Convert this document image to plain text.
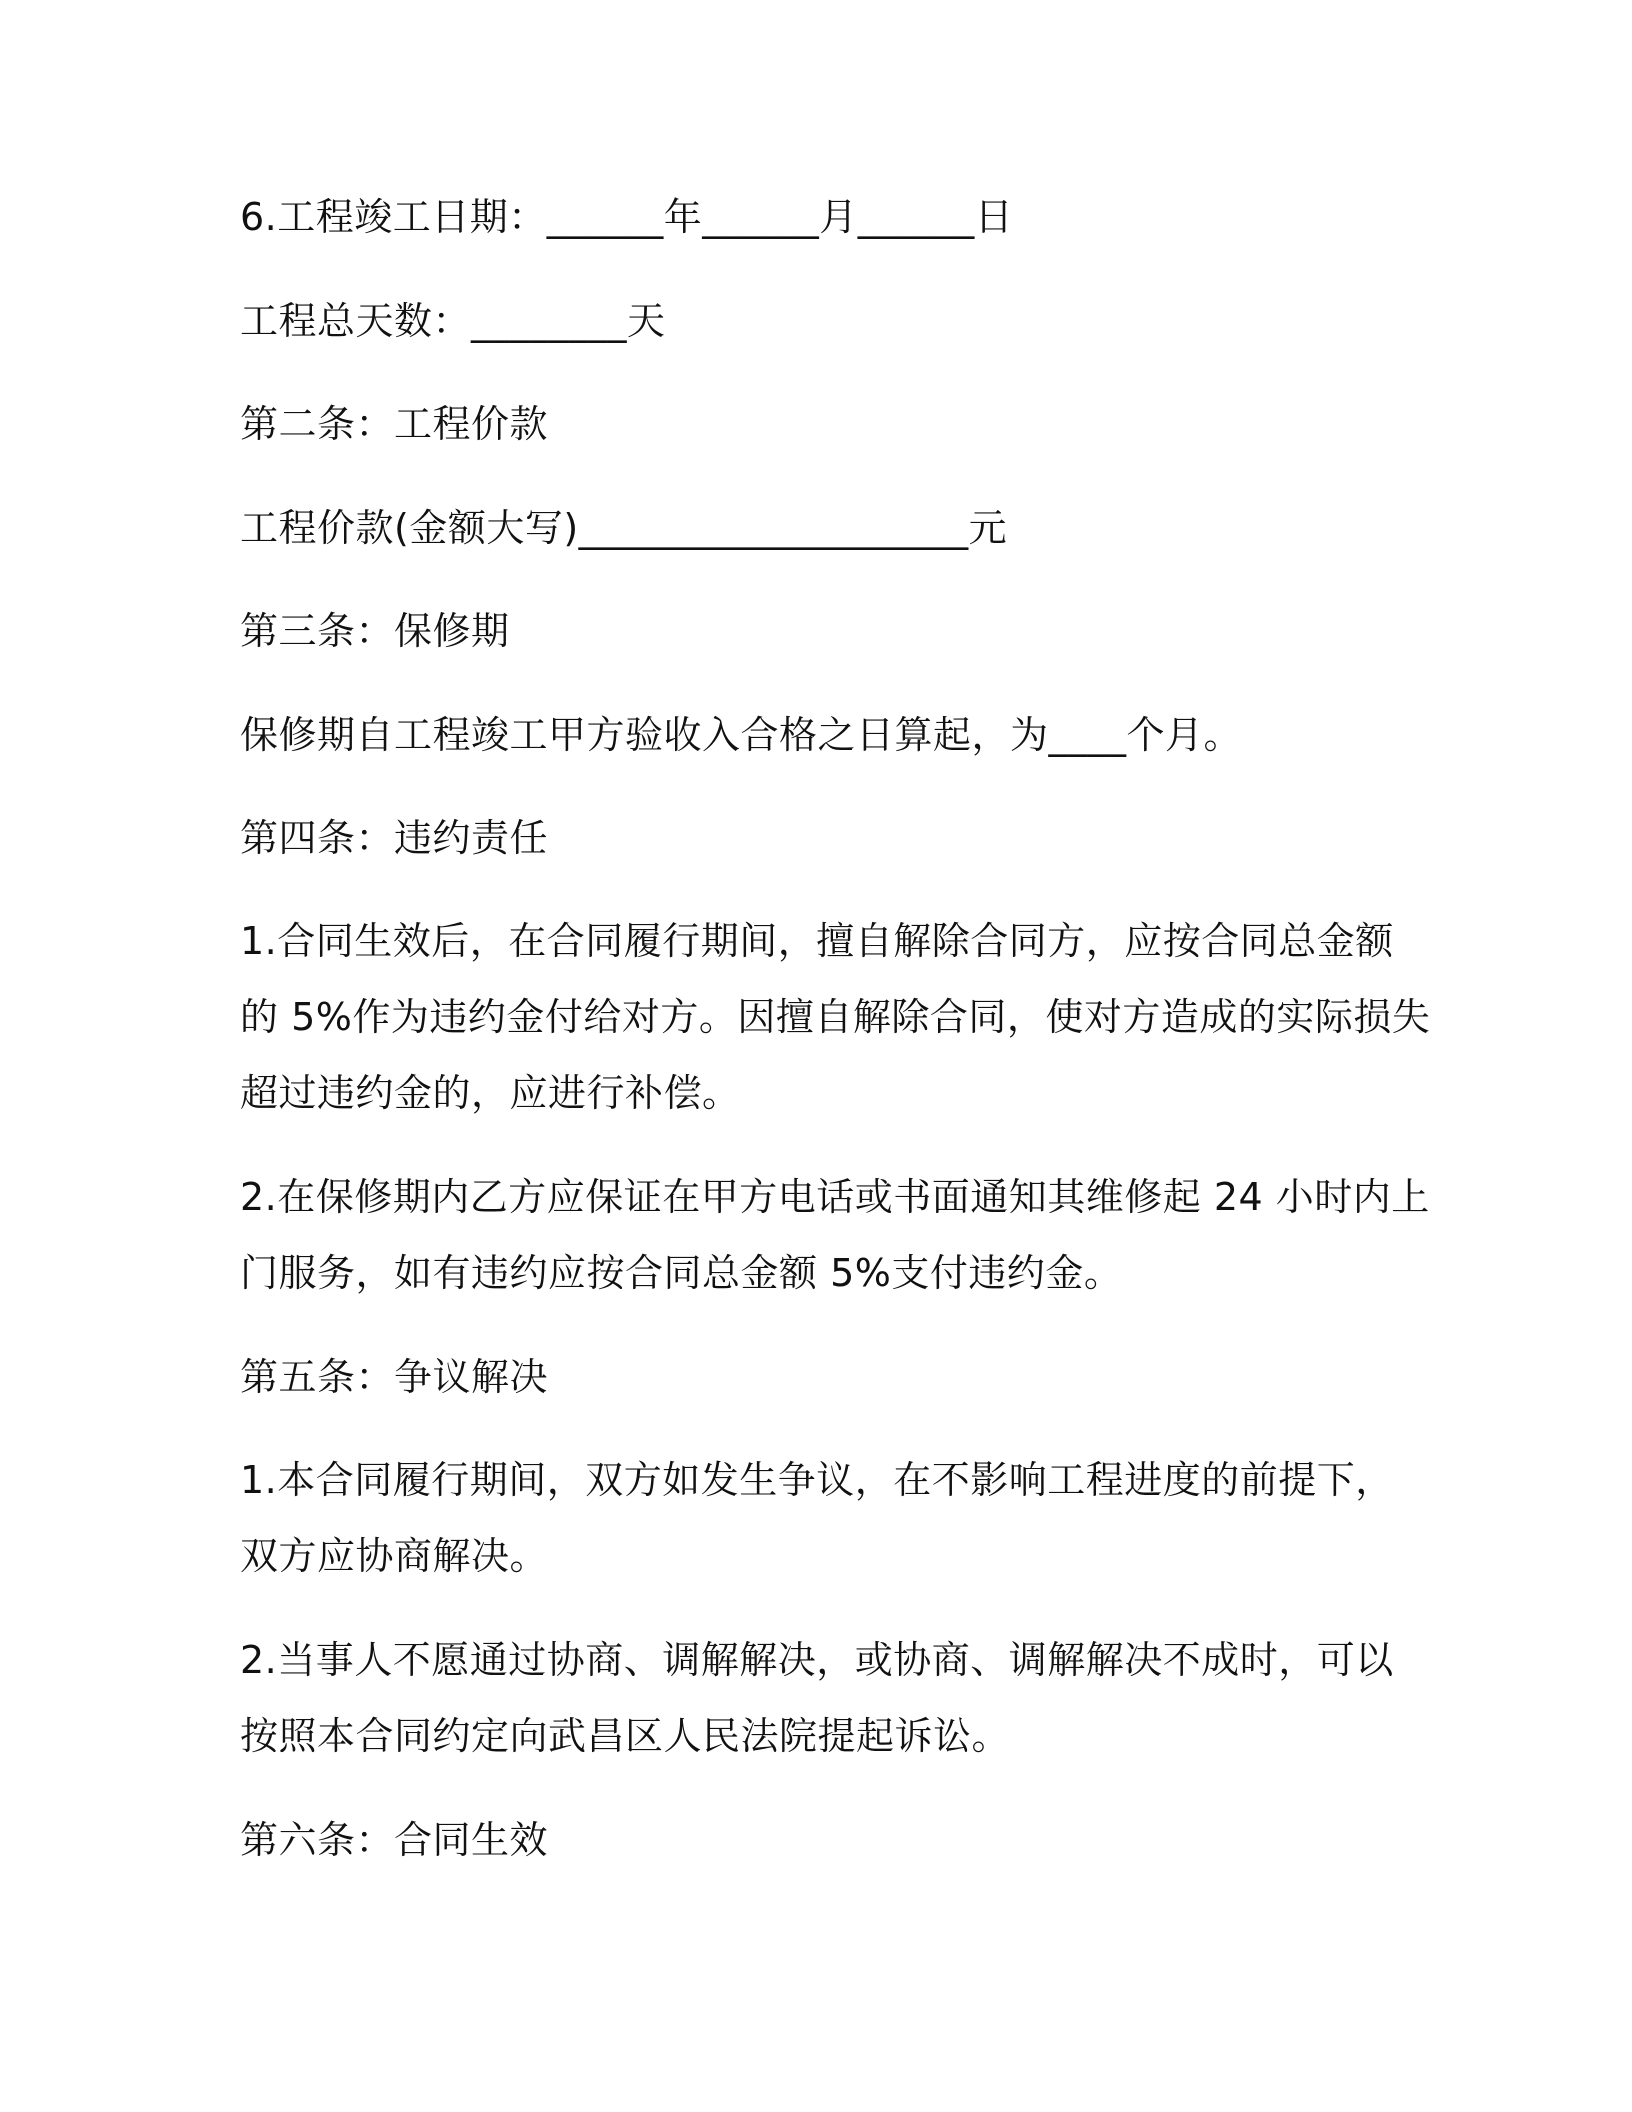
6.工程竣工日期：______年______月______日
工程总天数：________天
第二条：工程价款
工程价款(金额大写)____________________元
第三条：保修期
保修期自工程竣工甲方验收入合格之日算起，为____个月。
第四条：违约责任
1.合同生效后，在合同履行期间，擅自解除合同方，应按合同总金额
的 5%作为违约金付给对方。因擅自解除合同，使对方造成的实际损失
超过违约金的，应进行补偿。
2.在保修期内乙方应保证在甲方电话或书面通知其维修起 24 小时内上
门服务，如有违约应按合同总金额 5%支付违约金。
第五条：争议解决
1.本合同履行期间，双方如发生争议，在不影响工程进度的前提下，
双方应协商解决。
2.当事人不愿通过协商、调解解决，或协商、调解解决不成时，可以
按照本合同约定向武昌区人民法院提起诉讼。
第六条：合同生效
